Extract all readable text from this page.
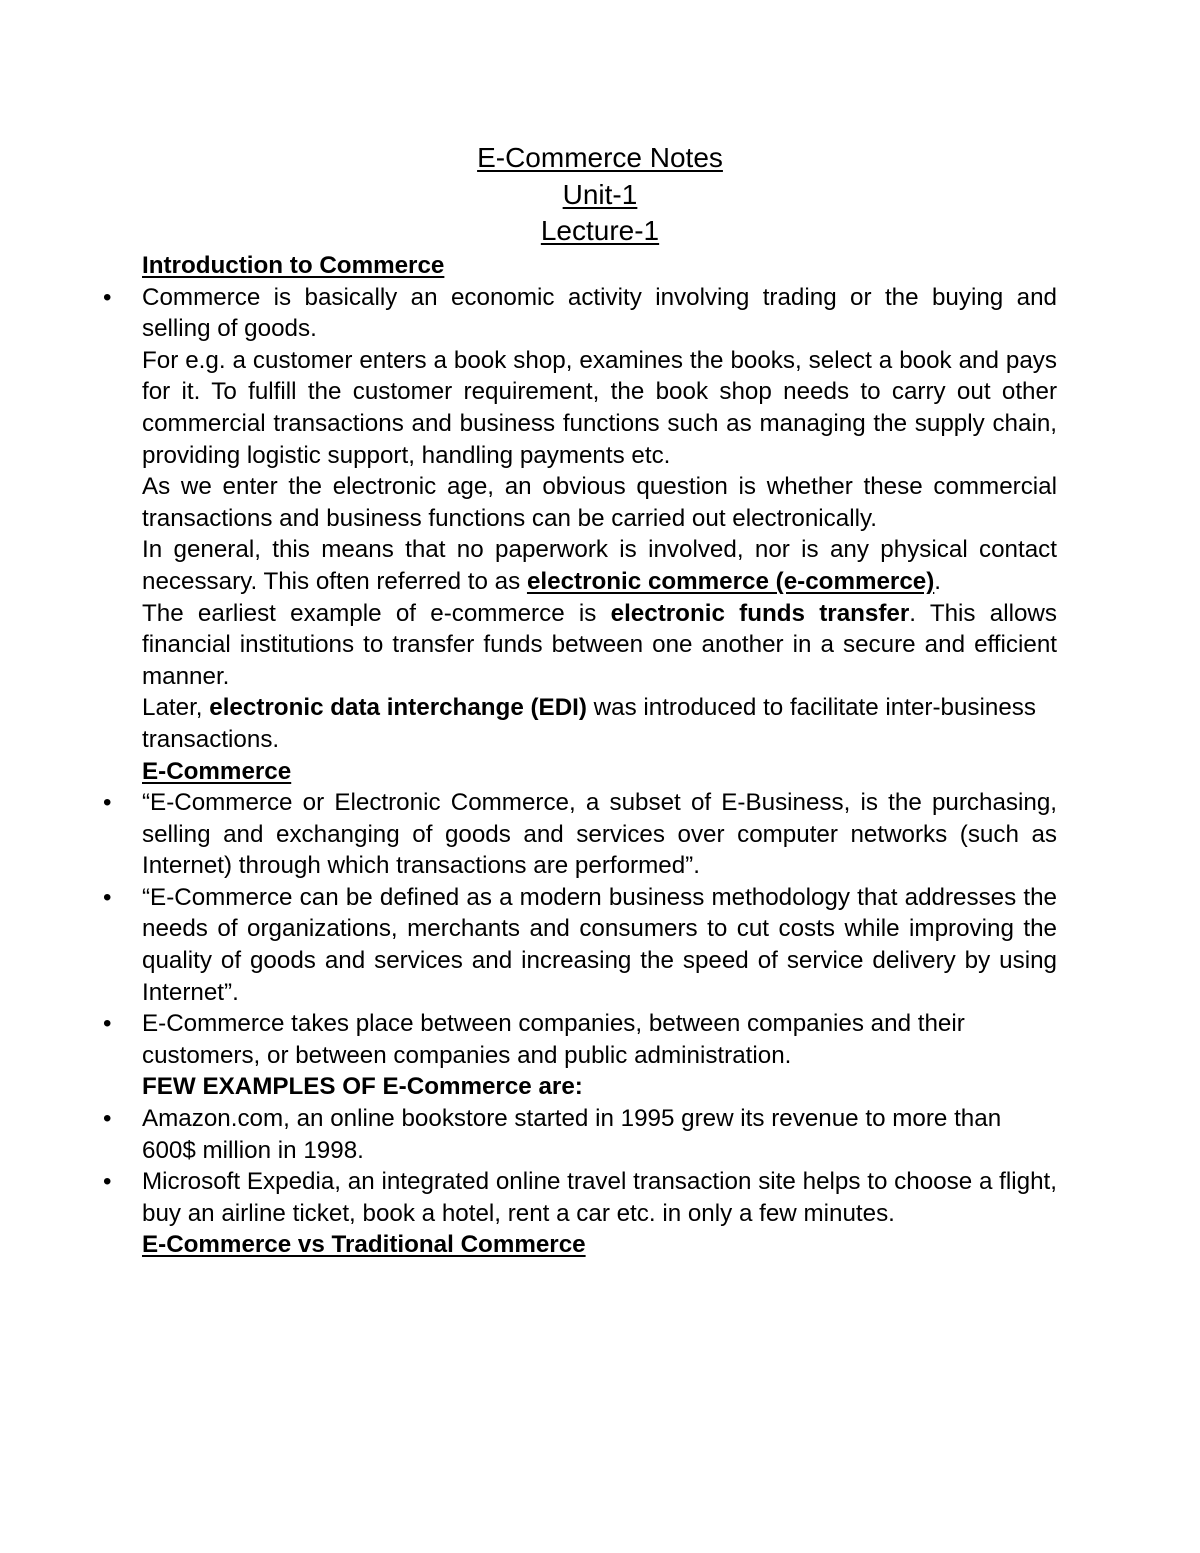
E-Commerce Notes
Unit-1
Lecture-1

Introduction to Commerce

•	Commerce is basically an economic activity involving trading or the buying and selling of goods.

For e.g. a customer enters a book shop, examines the books, select a book and pays for it. To fulfill the customer requirement, the book shop needs to carry out other commercial transactions and business functions such as managing the supply chain, providing logistic support, handling payments etc.

As we enter the electronic age, an obvious question is whether these commercial transactions and business functions can be carried out electronically.

In general, this means that no paperwork is involved, nor is any physical contact necessary. This often referred to as electronic commerce (e-commerce).

The earliest example of e-commerce is electronic funds transfer. This allows financial institutions to transfer funds between one another in a secure and efficient manner.

Later, electronic data interchange (EDI) was introduced to facilitate inter-business transactions.

E-Commerce

•	“E-Commerce or Electronic Commerce, a subset of E-Business, is the purchasing, selling and exchanging of goods and services over computer networks (such as Internet) through which transactions are performed”.

•	“E-Commerce can be defined as a modern business methodology that addresses the needs of organizations, merchants and consumers to cut costs while improving the quality of goods and services and increasing the speed of service delivery by using Internet”.

•	E-Commerce takes place between companies, between companies and their customers, or between companies and public administration.

FEW EXAMPLES OF E-Commerce are:

•	Amazon.com, an online bookstore started in 1995 grew its revenue to more than 600$ million in 1998.

•	Microsoft Expedia, an integrated online travel transaction site helps to choose a flight, buy an airline ticket, book a hotel, rent a car etc. in only a few minutes.

E-Commerce vs Traditional Commerce
